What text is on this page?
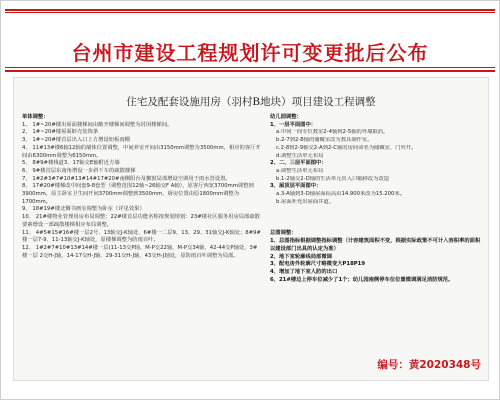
台州市建设工程规划许可变更批后公布
住宅及配套设施用房（羽村B地块）项目建设工程调整
单体调整：
1、 1#~20#楼出屋面楼梯间由敞开楼梯间调整为封闭楼梯间。
2、 1#~20#楼屋面虾壳装饰条
3、 1#~20#楼首层出入口上方增设铝板雨棚
4、 11#13#楼6轴12轴的墙体位置调整，中间养室开间由3150mm调整为3500mm，相应的客厅开间由6300mm调整为6150mm。
5、 8#9#楼栈道3、17轴交E轴附近方墙
6、 9#楼首层东南角增设一步斜下车的疏散楼梯
7、 1#2#3#7#10#13#14#17#20#南侧阳台及飘窗局部增设空调用于雨水管设置。
8、 17#20#楼梯改中间套9-8套型（调整范围12轴~26轴交F A轴），原客厅西宽3700mm调整到3900mm，原主卧室卫生间开间3700mm调整到3500mm，厨房位置由原1800mm调整为1700mm。
9、 18#19#楼北侧书画室调整为卧室（详见效果）
10、 21#楼物业管理用房布局调整；22#楼首层功能名称按规划规划：23#楼社区服务用房局部疏散要素增设一部疏散楼梯相应布局调整。
11、 4#5#15#16#楼一层2号、13轴交J-K轴处、6#楼一二层9、13、29、31轴交J-K轴处；8#9#楼一层7-9、11-13轴交J-K轴处，原楼梯调整为防雨百叶。
12、 1#2#7#10#13#14#楼一层(11-13交P轴、M-P交22轴，M-P交34轴、42-44交P轴处，3#楼一层 2交H-J轴，14-17交H-J轴、29-31交H-J轴，43交H-J轴处，原防雨百叶调整为局部。
幼儿园调整：
1、一层平面图中：
a.中间一间专位教室2-4轴到2-5轴的外墙取消。
b.2-7到2-8轴的储藏室改为教具制作室。
c.2-8到2-9轴交2-A到2-C轴的房间命名为储藏室，门外开。
d.调整生活单元布局
2、二、三层平面图中：
a.调整生活单元布局
b.1-2轴交2-D轴的生活单元出入口幅移改为改造
3、屋顶层平面图中：
a.3-A轴到3-D轴屋面标高由14.900米改为15.200米。
b.屋面补充出屋面井道。
总图调整：
1、总图指标根据调整指标调整（计容建筑面积不变，根据实际政策不可计入容积率的面积以建设部门出具的认定为准）
2、地下室轮廓线局部微调
3、配电房外轮廓尺寸略微变大P18P19
4、增加了地下室人防的出口
6、21#楼边上停车位减少了1个；幼儿园南侧停车位位置微调满足消防规范。
编号：黄2020348号
